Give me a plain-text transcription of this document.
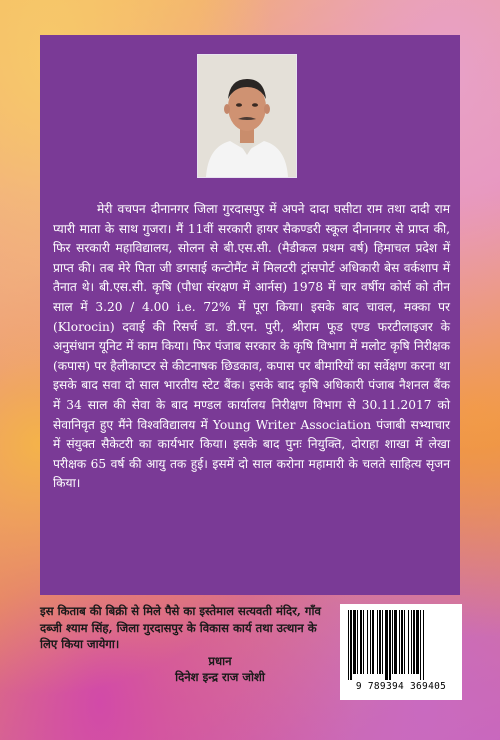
मेरी वचपन दीनानगर जिला गुरदासपुर में अपने दादा घसीटा राम तथा दादी राम प्यारी माता के साथ गुजरा। मैं 11वीं सरकारी हायर सैकण्डरी स्कूल दीनानगर से प्राप्त की, फिर सरकारी महाविद्यालय, सोलन से बी.एस.सी. (मैडीकल प्रथम वर्ष) हिमाचल प्रदेश में प्राप्त की। तब मेरे पिता जी डगसाई कन्टोमैंट में मिलटरी ट्रांसपोर्ट अधिकारी बेस वर्कशाप में तैनात थे। बी.एस.सी. कृषि (पौधा संरक्षण में आर्नस) 1978 में चार वर्षीय कोर्स को तीन साल में 3.20 / 4.00 i.e. 72% में पूरा किया। इसके बाद चावल, मक्का पर (Klorocin) दवाई की रिसर्च डा. डी.एन. पुरी, श्रीराम फूड एण्ड फरटीलाइजर के अनुसंधान यूनिट में काम किया। फिर पंजाब सरकार के कृषि विभाग में मलोट कृषि निरीक्षक (कपास) पर हैलीकाप्टर से कीटनाषक छिडकाव, कपास पर बीमारियों का सर्वेक्षण करना था इसके बाद सवा दो साल भारतीय स्टेट बैंक। इसके बाद कृषि अधिकारी पंजाब नैशनल बैंक में 34 साल की सेवा के बाद मण्डल कार्यालय निरीक्षण विभाग से 30.11.2017 को सेवानिवृत हुए मैंने विश्वविद्यालय में Young Writer Association पंजाबी सभ्याचार में संयुक्त सैकेटरी का कार्यभार किया। इसके बाद पुनः नियुक्ति, दोराहा शाखा में लेखा परीक्षक 65 वर्ष की आयु तक हुई। इसमें दो साल करोना महामारी के चलते साहित्य सृजन किया।

इस किताब की बिक्री से मिले पैसे का इस्तेमाल सत्यवती मंदिर, गाँव दब्जी श्याम सिंह, जिला गुरदासपुर के विकास कार्य तथा उत्थान के लिए किया जायेगा।

प्रधान

दिनेश इन्द्र राज जोशी

9 789394 369405
